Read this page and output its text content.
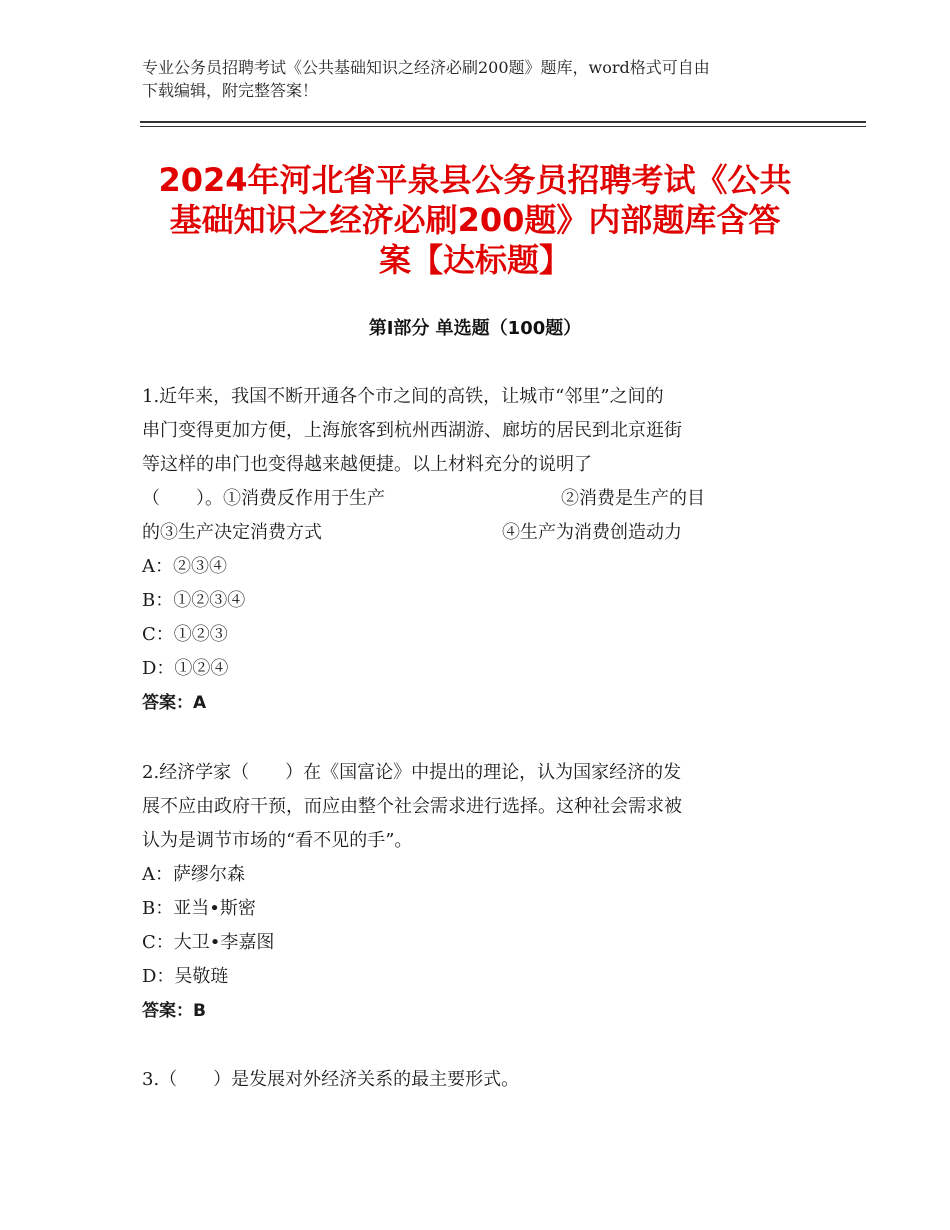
专业公务员招聘考试《公共基础知识之经济必刷200题》题库，word格式可自由
下载编辑，附完整答案！
2024年河北省平泉县公务员招聘考试《公共
基础知识之经济必刷200题》内部题库含答
案【达标题】
第Ⅰ部分 单选题（100题）
1.近年来，我国不断开通各个市之间的高铁，让城市“邻里”之间的
串门变得更加方便，上海旅客到杭州西湖游、廊坊的居民到北京逛街
等这样的串门也变得越来越便捷。以上材料充分的说明了
（　　）。①消费反作用于生产	②消费是生产的目
的③生产决定消费方式	④生产为消费创造动力
A：②③④
B：①②③④
C：①②③
D：①②④
答案：A
2.经济学家（　　）在《国富论》中提出的理论，认为国家经济的发
展不应由政府干预，而应由整个社会需求进行选择。这种社会需求被
认为是调节市场的“看不见的手”。
A：萨缪尔森
B：亚当•斯密
C：大卫•李嘉图
D：吴敬琏
答案：B
3.（　　）是发展对外经济关系的最主要形式。
